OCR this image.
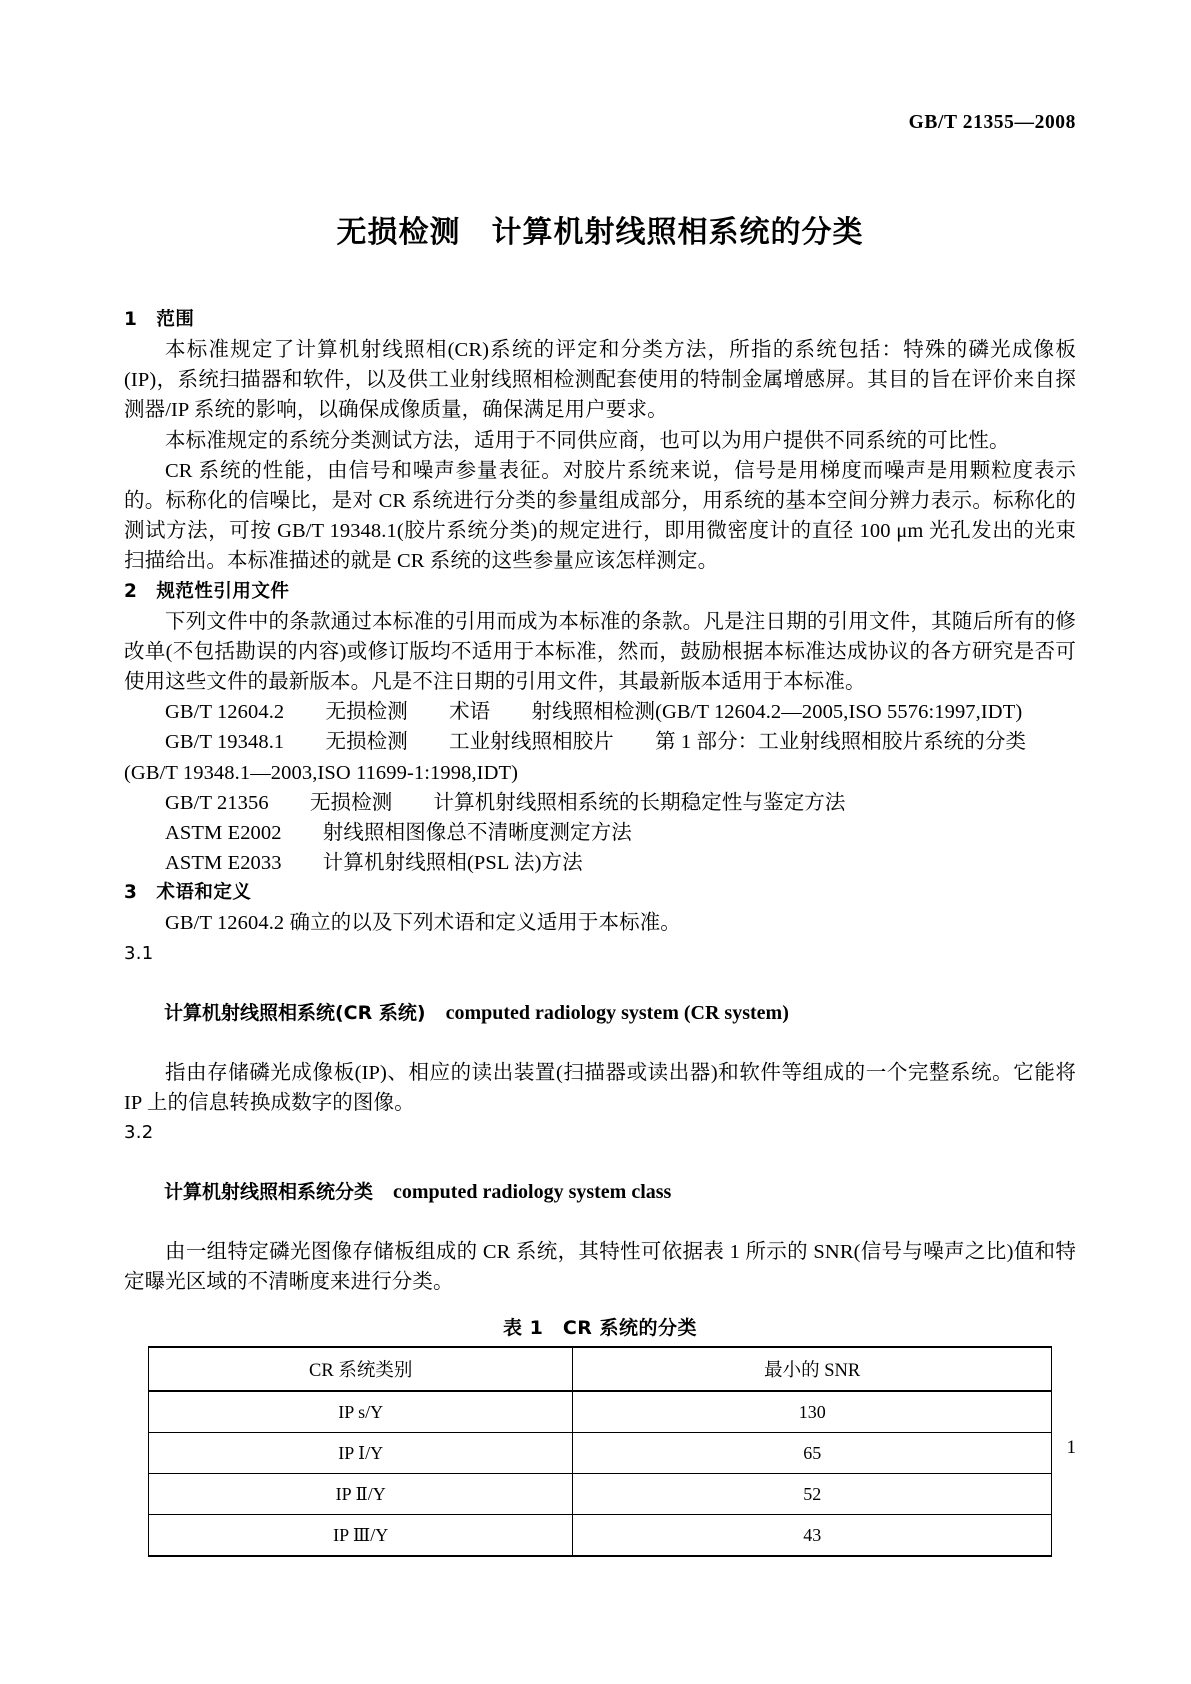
GB/T 21355—2008
无损检测　计算机射线照相系统的分类
1　范围

本标准规定了计算机射线照相(CR)系统的评定和分类方法，所指的系统包括：特殊的磷光成像板(IP)，系统扫描器和软件，以及供工业射线照相检测配套使用的特制金属增感屏。其目的旨在评价来自探测器/IP 系统的影响，以确保成像质量，确保满足用户要求。

本标准规定的系统分类测试方法，适用于不同供应商，也可以为用户提供不同系统的可比性。

CR 系统的性能，由信号和噪声参量表征。对胶片系统来说，信号是用梯度而噪声是用颗粒度表示的。标称化的信噪比，是对 CR 系统进行分类的参量组成部分，用系统的基本空间分辨力表示。标称化的测试方法，可按 GB/T 19348.1(胶片系统分类)的规定进行，即用微密度计的直径 100 μm 光孔发出的光束扫描给出。本标准描述的就是 CR 系统的这些参量应该怎样测定。

2　规范性引用文件

下列文件中的条款通过本标准的引用而成为本标准的条款。凡是注日期的引用文件，其随后所有的修改单(不包括勘误的内容)或修订版均不适用于本标准，然而，鼓励根据本标准达成协议的各方研究是否可使用这些文件的最新版本。凡是不注日期的引用文件，其最新版本适用于本标准。

GB/T 12604.2　　无损检测　　术语　　射线照相检测(GB/T 12604.2—2005,ISO 5576:1997,IDT)

GB/T 19348.1　　无损检测　　工业射线照相胶片　　第 1 部分：工业射线照相胶片系统的分类

(GB/T 19348.1—2003,ISO 11699-1:1998,IDT)

GB/T 21356　　无损检测　　计算机射线照相系统的长期稳定性与鉴定方法

ASTM E2002　　射线照相图像总不清晰度测定方法

ASTM E2033　　计算机射线照相(PSL 法)方法

3　术语和定义

GB/T 12604.2 确立的以及下列术语和定义适用于本标准。

3.1

计算机射线照相系统(CR 系统)　 computed radiology system (CR system)

指由存储磷光成像板(IP)、相应的读出装置(扫描器或读出器)和软件等组成的一个完整系统。它能将 IP 上的信息转换成数字的图像。

3.2

计算机射线照相系统分类　 computed radiology system class

由一组特定磷光图像存储板组成的 CR 系统，其特性可依据表 1 所示的 SNR(信号与噪声之比)值和特定曝光区域的不清晰度来进行分类。

表 1　CR 系统的分类
CR 系统类别	最小的 SNR
IP s/Y	130
IP Ⅰ/Y	65
IP Ⅱ/Y	52
IP Ⅲ/Y	43
1
